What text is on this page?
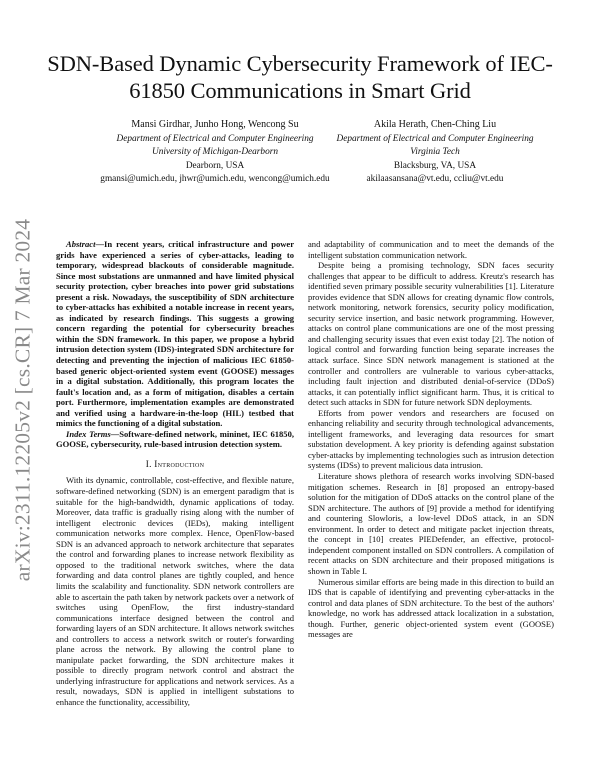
SDN-Based Dynamic Cybersecurity Framework of IEC-61850 Communications in Smart Grid
Mansi Girdhar, Junho Hong, Wencong Su
Department of Electrical and Computer Engineering
University of Michigan-Dearborn
Dearborn, USA
gmansi@umich.edu, jhwr@umich.edu, wencong@umich.edu
Akila Herath, Chen-Ching Liu
Department of Electrical and Computer Engineering
Virginia Tech
Blacksburg, VA, USA
akilaasansana@vt.edu, ccliu@vt.edu
arXiv:2311.12205v2 [cs.CR] 7 Mar 2024	Abstract—In recent years, critical infrastructure and power grids have experienced a series of cyber-attacks, leading to temporary, widespread blackouts of considerable magnitude. Since most substations are unmanned and have limited physical security protection, cyber breaches into power grid substations present a risk. Nowadays, the susceptibility of SDN architecture to cyber-attacks has exhibited a notable increase in recent years, as indicated by research findings. This suggests a growing concern regarding the potential for cybersecurity breaches within the SDN framework. In this paper, we propose a hybrid intrusion detection system (IDS)-integrated SDN architecture for detecting and preventing the injection of malicious IEC 61850-based generic object-oriented system event (GOOSE) messages in a digital substation. Additionally, this program locates the fault's location and, as a form of mitigation, disables a certain port. Furthermore, implementation examples are demonstrated and verified using a hardware-in-the-loop (HIL) testbed that mimics the functioning of a digital substation.

Index Terms—Software-defined network, mininet, IEC 61850, GOOSE, cybersecurity, rule-based intrusion detection system.

I. Introduction

With its dynamic, controllable, cost-effective, and flexible nature, software-defined networking (SDN) is an emergent paradigm that is suitable for the high-bandwidth, dynamic applications of today. Moreover, data traffic is gradually rising along with the number of intelligent electronic devices (IEDs), making intelligent communication networks more complex. Hence, OpenFlow-based SDN is an advanced approach to network architecture that separates the control and forwarding planes to increase network flexibility as opposed to the traditional network switches, where the data forwarding and data control planes are tightly coupled, and hence limits the scalability and functionality. SDN network controllers are able to ascertain the path taken by network packets over a network of switches using OpenFlow, the first industry-standard communications interface designed between the control and forwarding layers of an SDN architecture. It allows network switches and controllers to access a network switch or router's forwarding plane across the network. By allowing the control plane to manipulate packet forwarding, the SDN architecture makes it possible to directly program network control and abstract the underlying infrastructure for applications and network services. As a result, nowadays, SDN is applied in intelligent substations to enhance the functionality, accessibility,

and adaptability of communication and to meet the demands of the intelligent substation communication network.

Despite being a promising technology, SDN faces security challenges that appear to be difficult to address. Kreutz's research has identified seven primary possible security vulnerabilities [1]. Literature provides evidence that SDN allows for creating dynamic flow controls, network monitoring, network forensics, security policy modification, security service insertion, and basic network programming. However, attacks on control plane communications are one of the most pressing and challenging security issues that even exist today [2]. The notion of logical control and forwarding function being separate increases the attack surface. Since SDN network management is stationed at the controller and controllers are vulnerable to various cyber-attacks, including fault injection and distributed denial-of-service (DDoS) attacks, it can potentially inflict significant harm. Thus, it is critical to detect such attacks in SDN for future network SDN deployments.

Efforts from power vendors and researchers are focused on enhancing reliability and security through technological advancements, intelligent frameworks, and leveraging data resources for smart substation development. A key priority is defending against substation cyber-attacks by implementing technologies such as intrusion detection systems (IDSs) to prevent malicious data intrusion.

Literature shows plethora of research works involving SDN-based mitigation schemes. Research in [8] proposed an entropy-based solution for the mitigation of DDoS attacks on the control plane of the SDN architecture. The authors of [9] provide a method for identifying and countering Slowloris, a low-level DDoS attack, in an SDN environment. In order to detect and mitigate packet injection threats, the concept in [10] creates PIEDefender, an effective, protocol-independent component installed on SDN controllers. A compilation of recent attacks on SDN architecture and their proposed mitigations is shown in Table I.

Numerous similar efforts are being made in this direction to build an IDS that is capable of identifying and preventing cyber-attacks in the control and data planes of SDN architecture. To the best of the authors' knowledge, no work has addressed attack localization in a substation, though. Further, generic object-oriented system event (GOOSE) messages are
